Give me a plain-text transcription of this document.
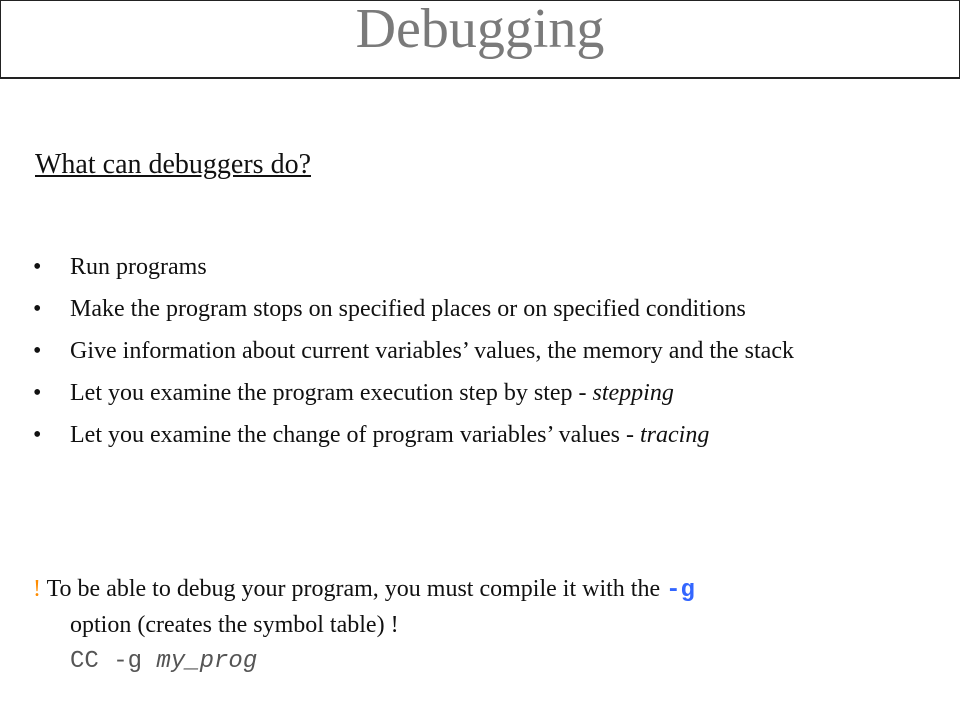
Debugging
What can debuggers do?
• Run programs
• Make the program stops on specified places or on specified conditions
• Give information about current variables’ values, the memory and the stack
• Let you examine the program execution step by step - stepping
• Let you examine the change of program variables’ values - tracing
! To be able to debug your program, you must compile it with the -g
option (creates the symbol table) !
CC -g my_prog
